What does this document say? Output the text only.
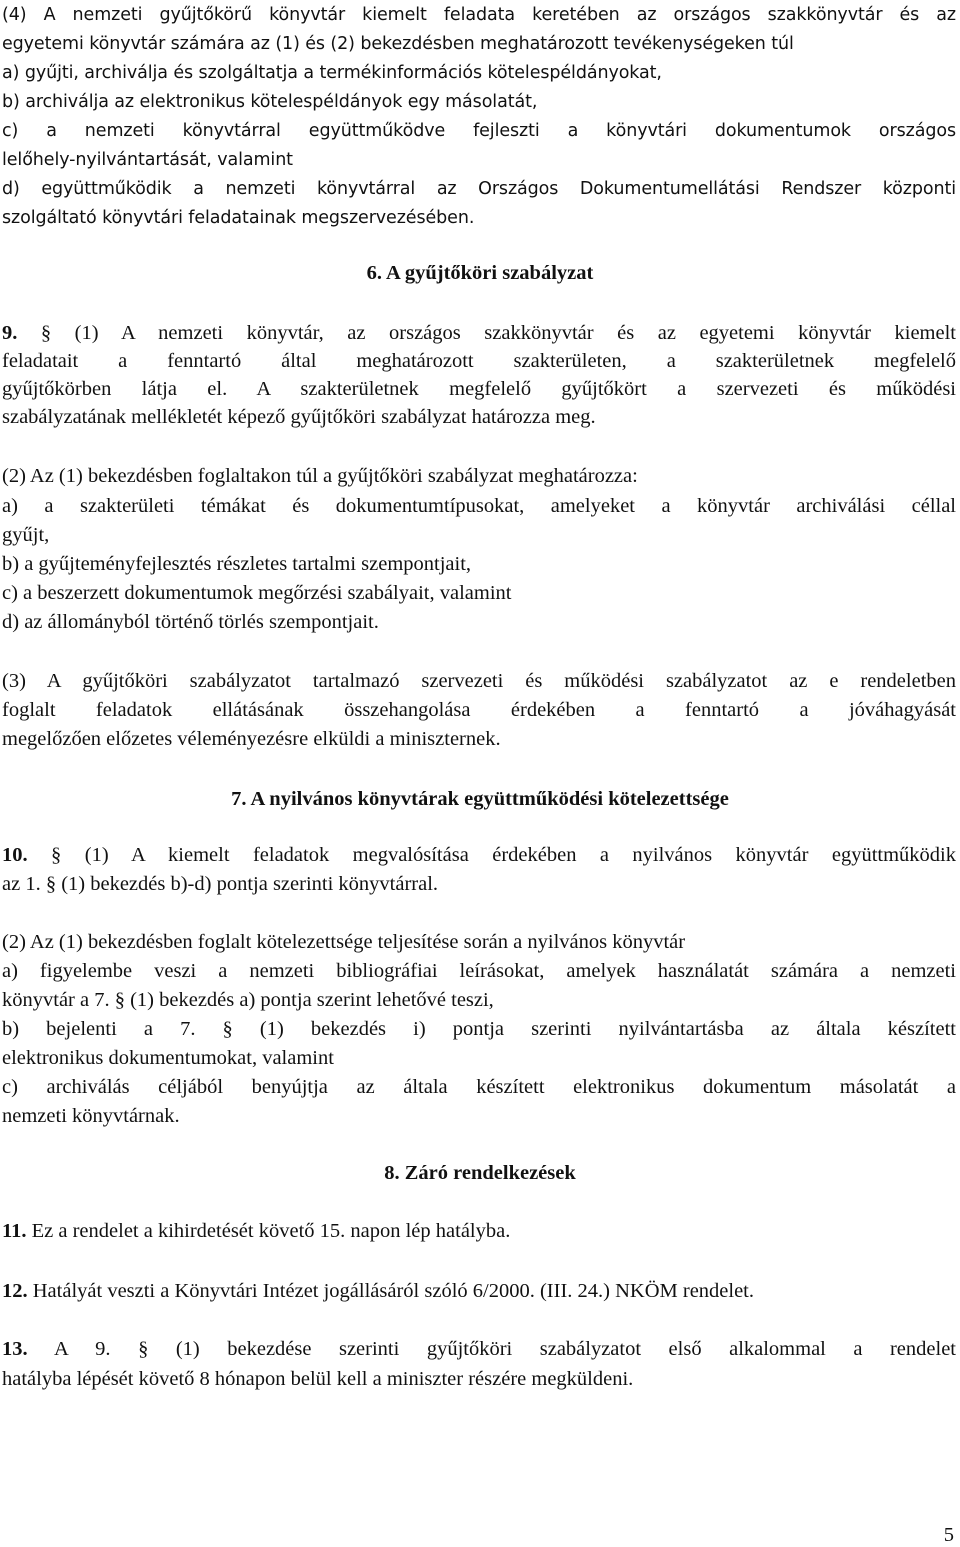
(4) A nemzeti gyűjtőkörű könyvtár kiemelt feladata keretében az országos szakkönyvtár és az
egyetemi könyvtár számára az (1) és (2) bekezdésben meghatározott tevékenységeken túl
a) gyűjti, archiválja és szolgáltatja a termékinformációs kötelespéldányokat,
b) archiválja az elektronikus kötelespéldányok egy másolatát,
c) a nemzeti könyvtárral együttműködve fejleszti a könyvtári dokumentumok országos
lelőhely-nyilvántartását, valamint
d) együttműködik a nemzeti könyvtárral az Országos Dokumentumellátási Rendszer központi
szolgáltató könyvtári feladatainak megszervezésében.
9. § (1) A nemzeti könyvtár, az országos szakkönyvtár és az egyetemi könyvtár kiemelt
feladatait a fenntartó által meghatározott szakterületen, a szakterületnek megfelelő
gyűjtőkörben látja el. A szakterületnek megfelelő gyűjtőkört a szervezeti és működési
szabályzatának mellékletét képező gyűjtőköri szabályzat határozza meg.
(2) Az (1) bekezdésben foglaltakon túl a gyűjtőköri szabályzat meghatározza:
a) a szakterületi témákat és dokumentumtípusokat, amelyeket a könyvtár archiválási céllal
gyűjt,
b) a gyűjteményfejlesztés részletes tartalmi szempontjait,
c) a beszerzett dokumentumok megőrzési szabályait, valamint
d) az állományból történő törlés szempontjait.
(3) A gyűjtőköri szabályzatot tartalmazó szervezeti és működési szabályzatot az e rendeletben
foglalt feladatok ellátásának összehangolása érdekében a fenntartó a jóváhagyását
megelőzően előzetes véleményezésre elküldi a miniszternek.
10. § (1) A kiemelt feladatok megvalósítása érdekében a nyilvános könyvtár együttműködik
az 1. § (1) bekezdés b)-d) pontja szerinti könyvtárral.
(2) Az (1) bekezdésben foglalt kötelezettsége teljesítése során a nyilvános könyvtár
a) figyelembe veszi a nemzeti bibliográfiai leírásokat, amelyek használatát számára a nemzeti
könyvtár a 7. § (1) bekezdés a) pontja szerint lehetővé teszi,
b) bejelenti a 7. § (1) bekezdés i) pontja szerinti nyilvántartásba az általa készített
elektronikus dokumentumokat, valamint
c) archiválás céljából benyújtja az általa készített elektronikus dokumentum másolatát a
nemzeti könyvtárnak.
11. Ez a rendelet a kihirdetését követő 15. napon lép hatályba.
12. Hatályát veszti a Könyvtári Intézet jogállásáról szóló 6/2000. (III. 24.) NKÖM rendelet.
13. A 9. § (1) bekezdése szerinti gyűjtőköri szabályzatot első alkalommal a rendelet
hatályba lépését követő 8 hónapon belül kell a miniszter részére megküldeni.
6. A gyűjtőköri szabályzat
7. A nyilvános könyvtárak együttműködési kötelezettsége
8. Záró rendelkezések
5
